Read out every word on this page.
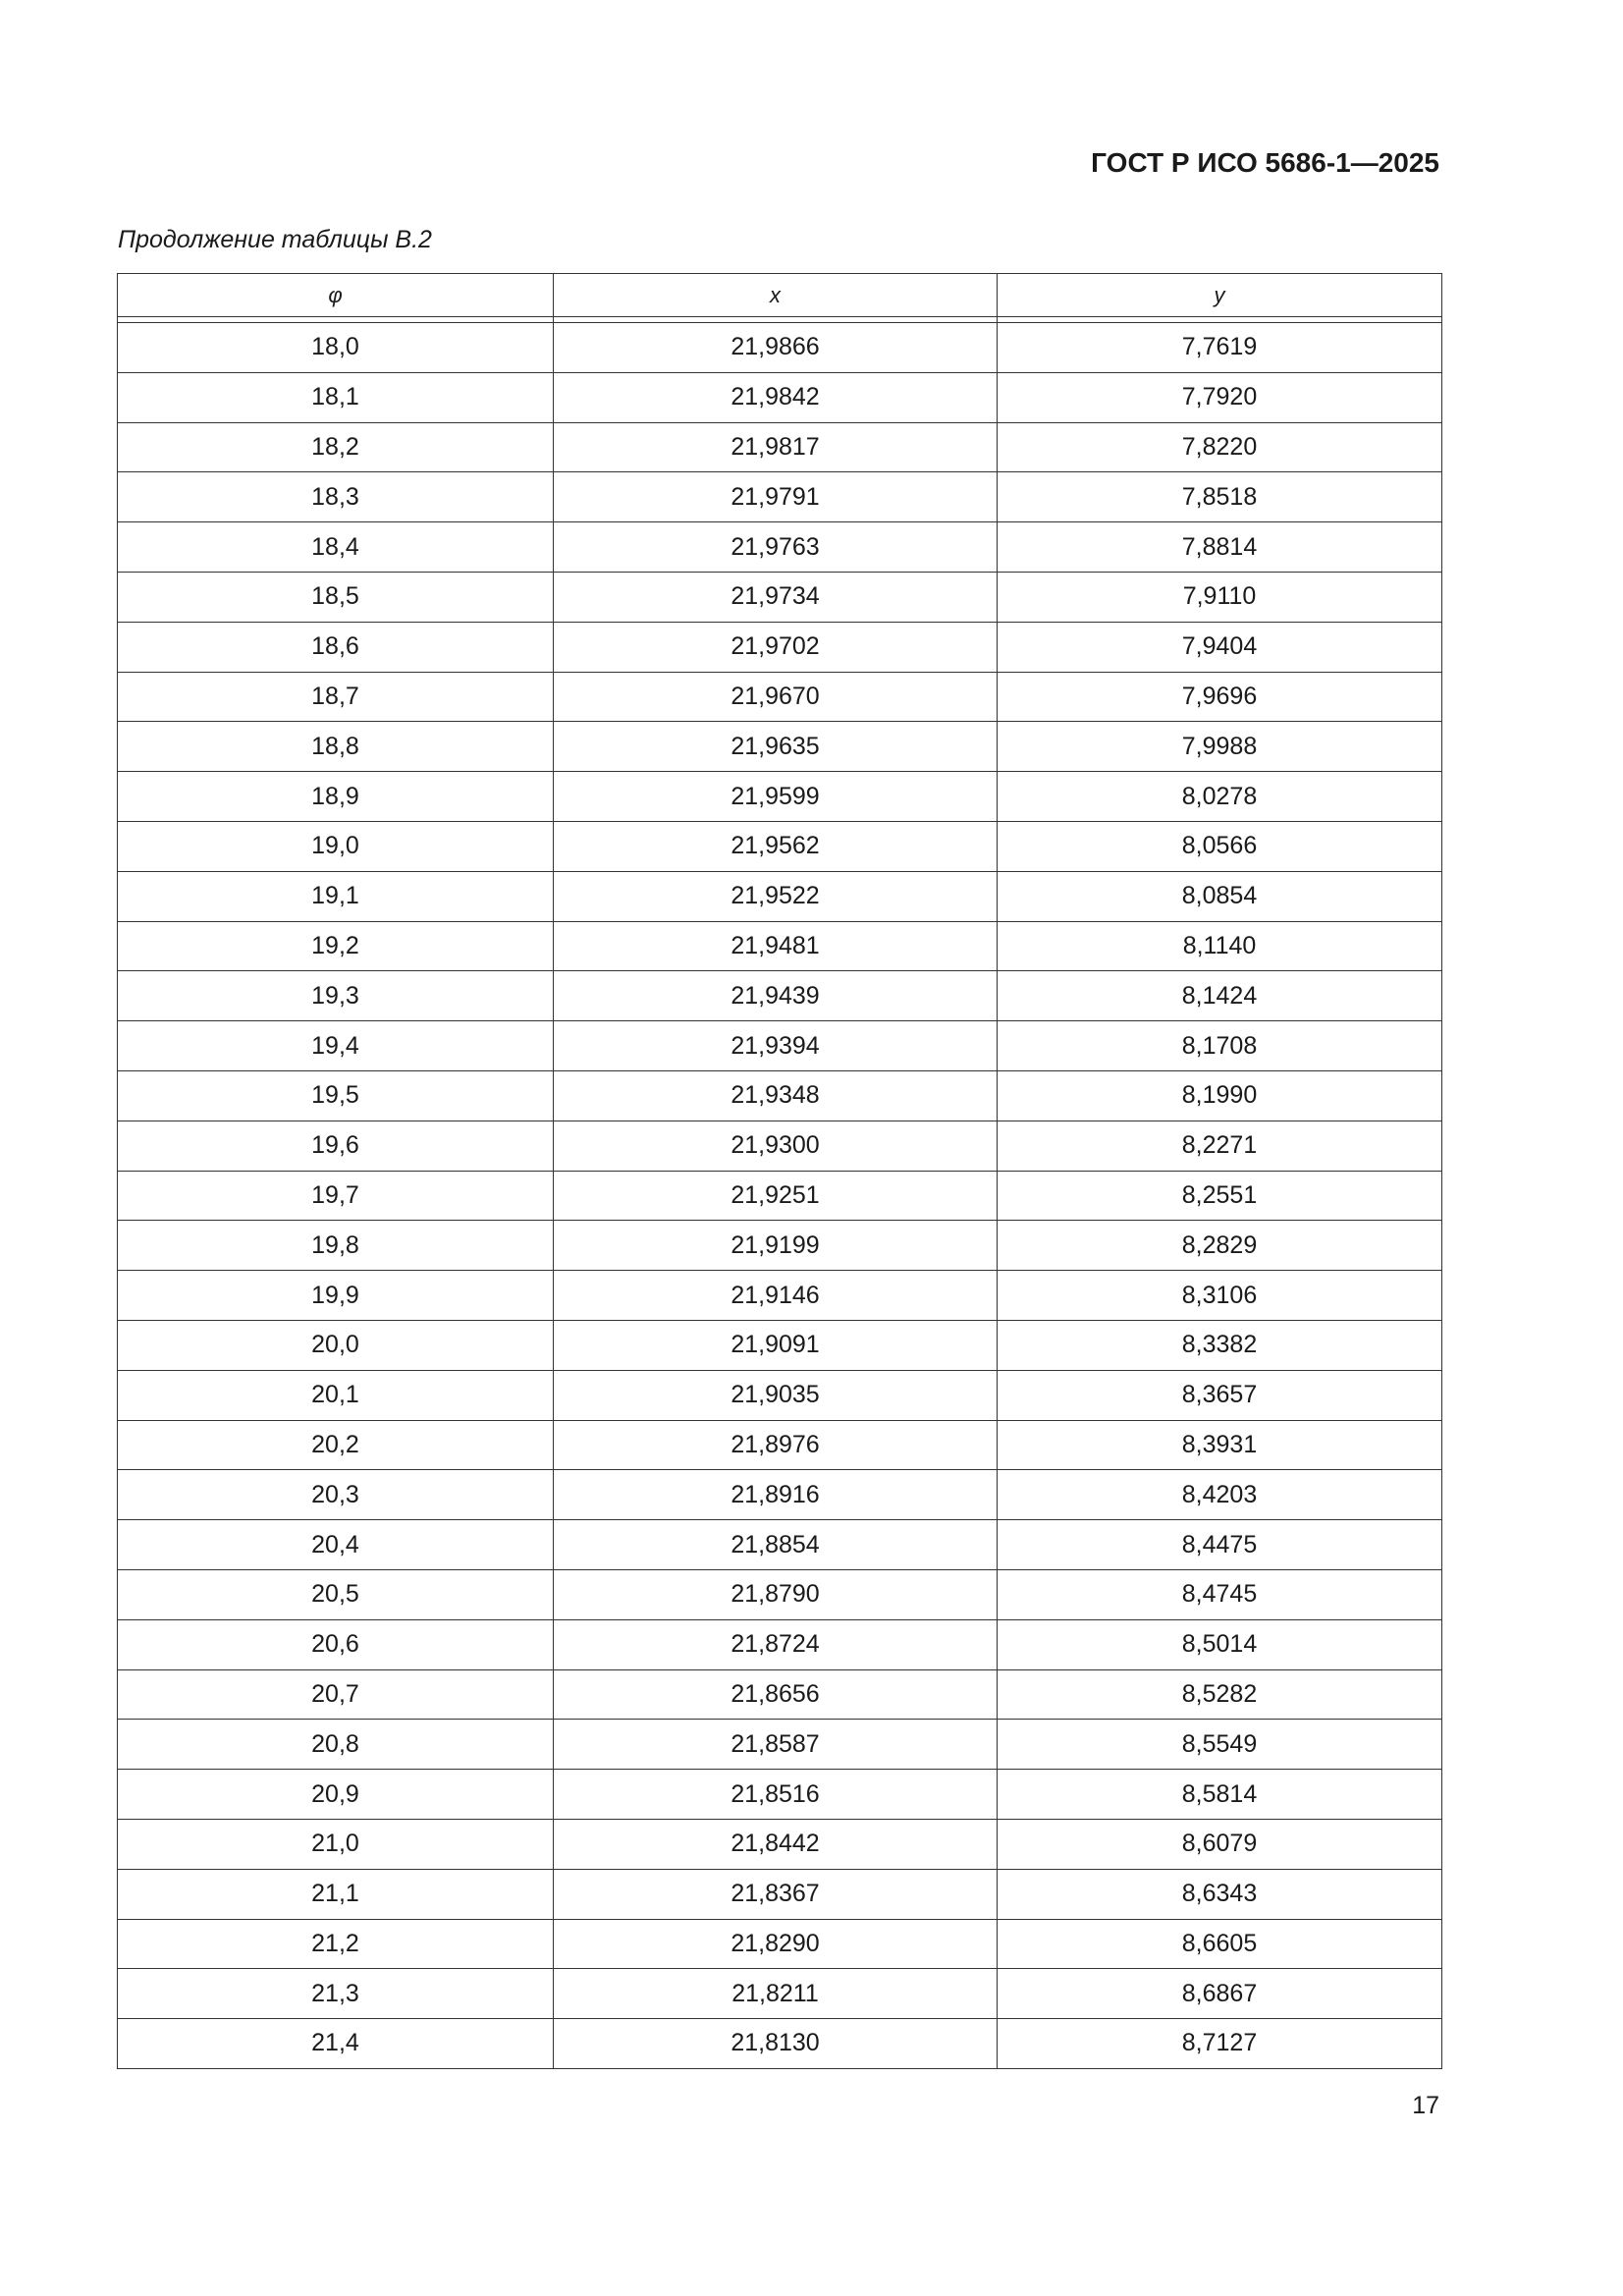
ГОСТ Р ИСО 5686-1—2025
Продолжение таблицы В.2
φ	x	y

18,0	21,9866	7,7619
18,1	21,9842	7,7920
18,2	21,9817	7,8220
18,3	21,9791	7,8518
18,4	21,9763	7,8814
18,5	21,9734	7,9110
18,6	21,9702	7,9404
18,7	21,9670	7,9696
18,8	21,9635	7,9988
18,9	21,9599	8,0278
19,0	21,9562	8,0566
19,1	21,9522	8,0854
19,2	21,9481	8,1140
19,3	21,9439	8,1424
19,4	21,9394	8,1708
19,5	21,9348	8,1990
19,6	21,9300	8,2271
19,7	21,9251	8,2551
19,8	21,9199	8,2829
19,9	21,9146	8,3106
20,0	21,9091	8,3382
20,1	21,9035	8,3657
20,2	21,8976	8,3931
20,3	21,8916	8,4203
20,4	21,8854	8,4475
20,5	21,8790	8,4745
20,6	21,8724	8,5014
20,7	21,8656	8,5282
20,8	21,8587	8,5549
20,9	21,8516	8,5814
21,0	21,8442	8,6079
21,1	21,8367	8,6343
21,2	21,8290	8,6605
21,3	21,8211	8,6867
21,4	21,8130	8,7127
17
